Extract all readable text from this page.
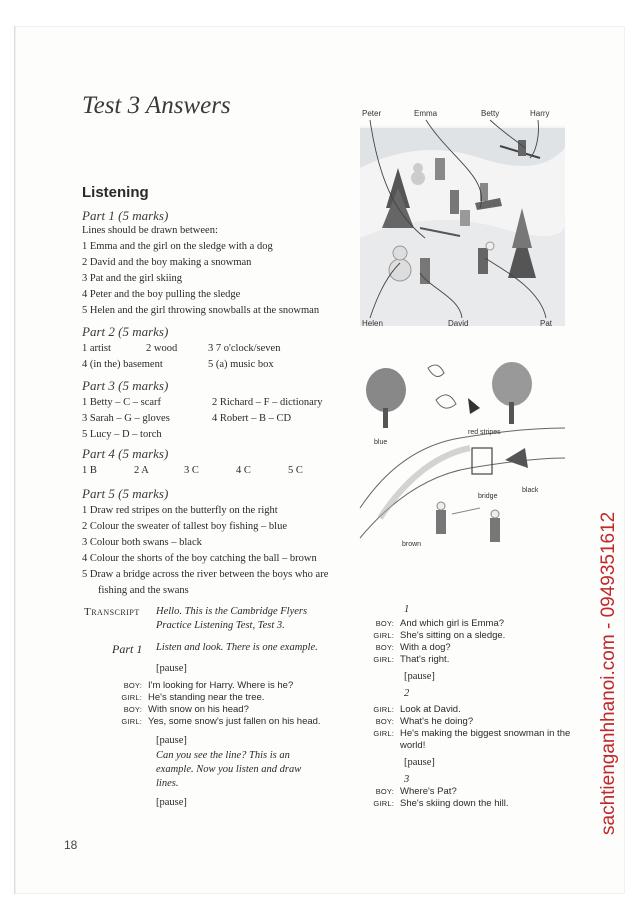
Test 3 Answers
Listening
Part 1 (5 marks)
Lines should be drawn between:
1 Emma and the girl on the sledge with a dog
2 David and the boy making a snowman
3 Pat and the girl skiing
4 Peter and the boy pulling the sledge
5 Helen and the girl throwing snowballs at the snowman
Part 2 (5 marks)
1 artist	2 wood	3 7 o'clock/seven
4 (in the) basement	5 (a) music box
Part 3 (5 marks)
1 Betty – C – scarf	2 Richard – F – dictionary
3 Sarah – G – gloves	4 Robert – B – CD
5 Lucy – D – torch
Part 4 (5 marks)
1 B	2 A	3 C	4 C	5 C
Part 5 (5 marks)
1 Draw red stripes on the butterfly on the right
2 Colour the sweater of tallest boy fishing – blue
3 Colour both swans – black
4 Colour the shorts of the boy catching the ball – brown
5 Draw a bridge across the river between the boys who are
fishing and the swans
Transcript Hello. This is the Cambridge Flyers
Practice Listening Test, Test 3.
Part 1 Listen and look. There is one example.
[pause]
BOY: I'm looking for Harry. Where is he?
GIRL: He's standing near the tree.
BOY: With snow on his head?
GIRL: Yes, some snow's just fallen on his head.
[pause]
Can you see the line? This is an
example. Now you listen and draw
lines.
[pause]
1
BOY: And which girl is Emma?
GIRL: She's sitting on a sledge.
BOY: With a dog?
GIRL: That's right.
[pause]
2
GIRL: Look at David.
BOY: What's he doing?
GIRL: He's making the biggest snowman in the
world!
[pause]
3
BOY: Where's Pat?
GIRL: She's skiing down the hill.
Peter	Emma	Betty	Harry
Helen	David	Pat
blue
red stripes
black
bridge
brown	sachtienganhhanoi.com - 0949351612
18
